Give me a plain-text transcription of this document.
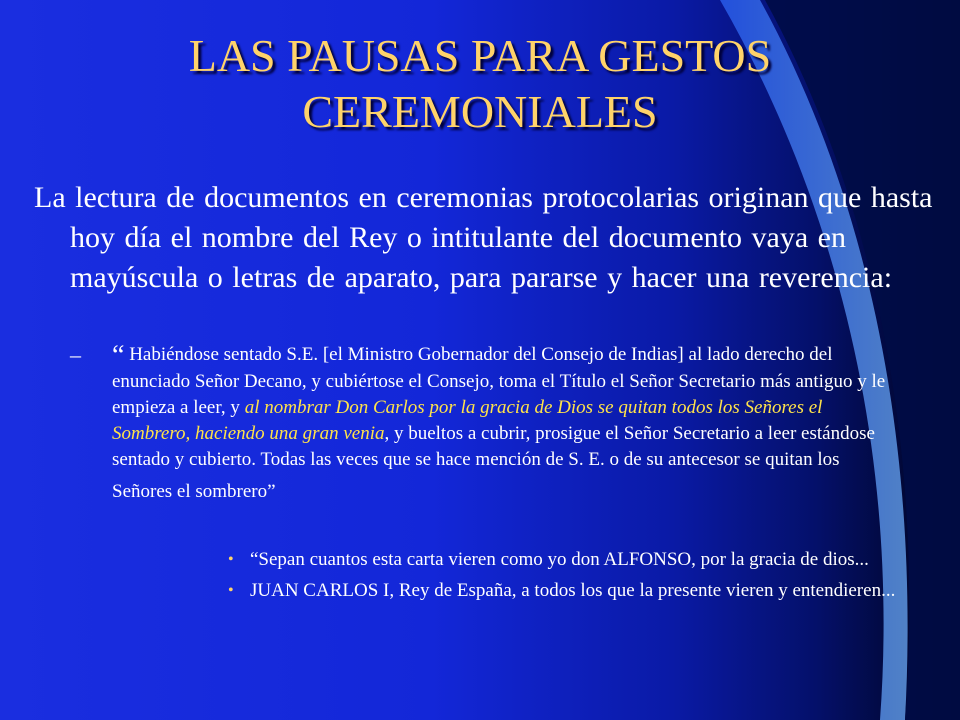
LAS PAUSAS PARA GESTOS
CEREMONIALES

La lectura de documentos en ceremonias protocolarias originan que hasta hoy día el nombre del Rey o intitulante del documento vaya en mayúscula o letras de aparato, para pararse y hacer una reverencia:

– “ Habiéndose sentado S.E. [el Ministro Gobernador del Consejo de Indias] al lado derecho del enunciado Señor Decano, y cubiértose el Consejo, toma el Título el Señor Secretario más antiguo y le empieza a leer, y al nombrar Don Carlos por la gracia de Dios se quitan todos los Señores el Sombrero, haciendo una gran venia, y bueltos a cubrir, prosigue el Señor Secretario a leer estándose sentado y cubierto. Todas las veces que se hace mención de S. E. o de su antecesor se quitan los
Señores el sombrero”
• “Sepan cuantos esta carta vieren como yo don ALFONSO, por la gracia de dios...
• JUAN CARLOS I, Rey de España, a todos los que la presente vieren y entendieren...
